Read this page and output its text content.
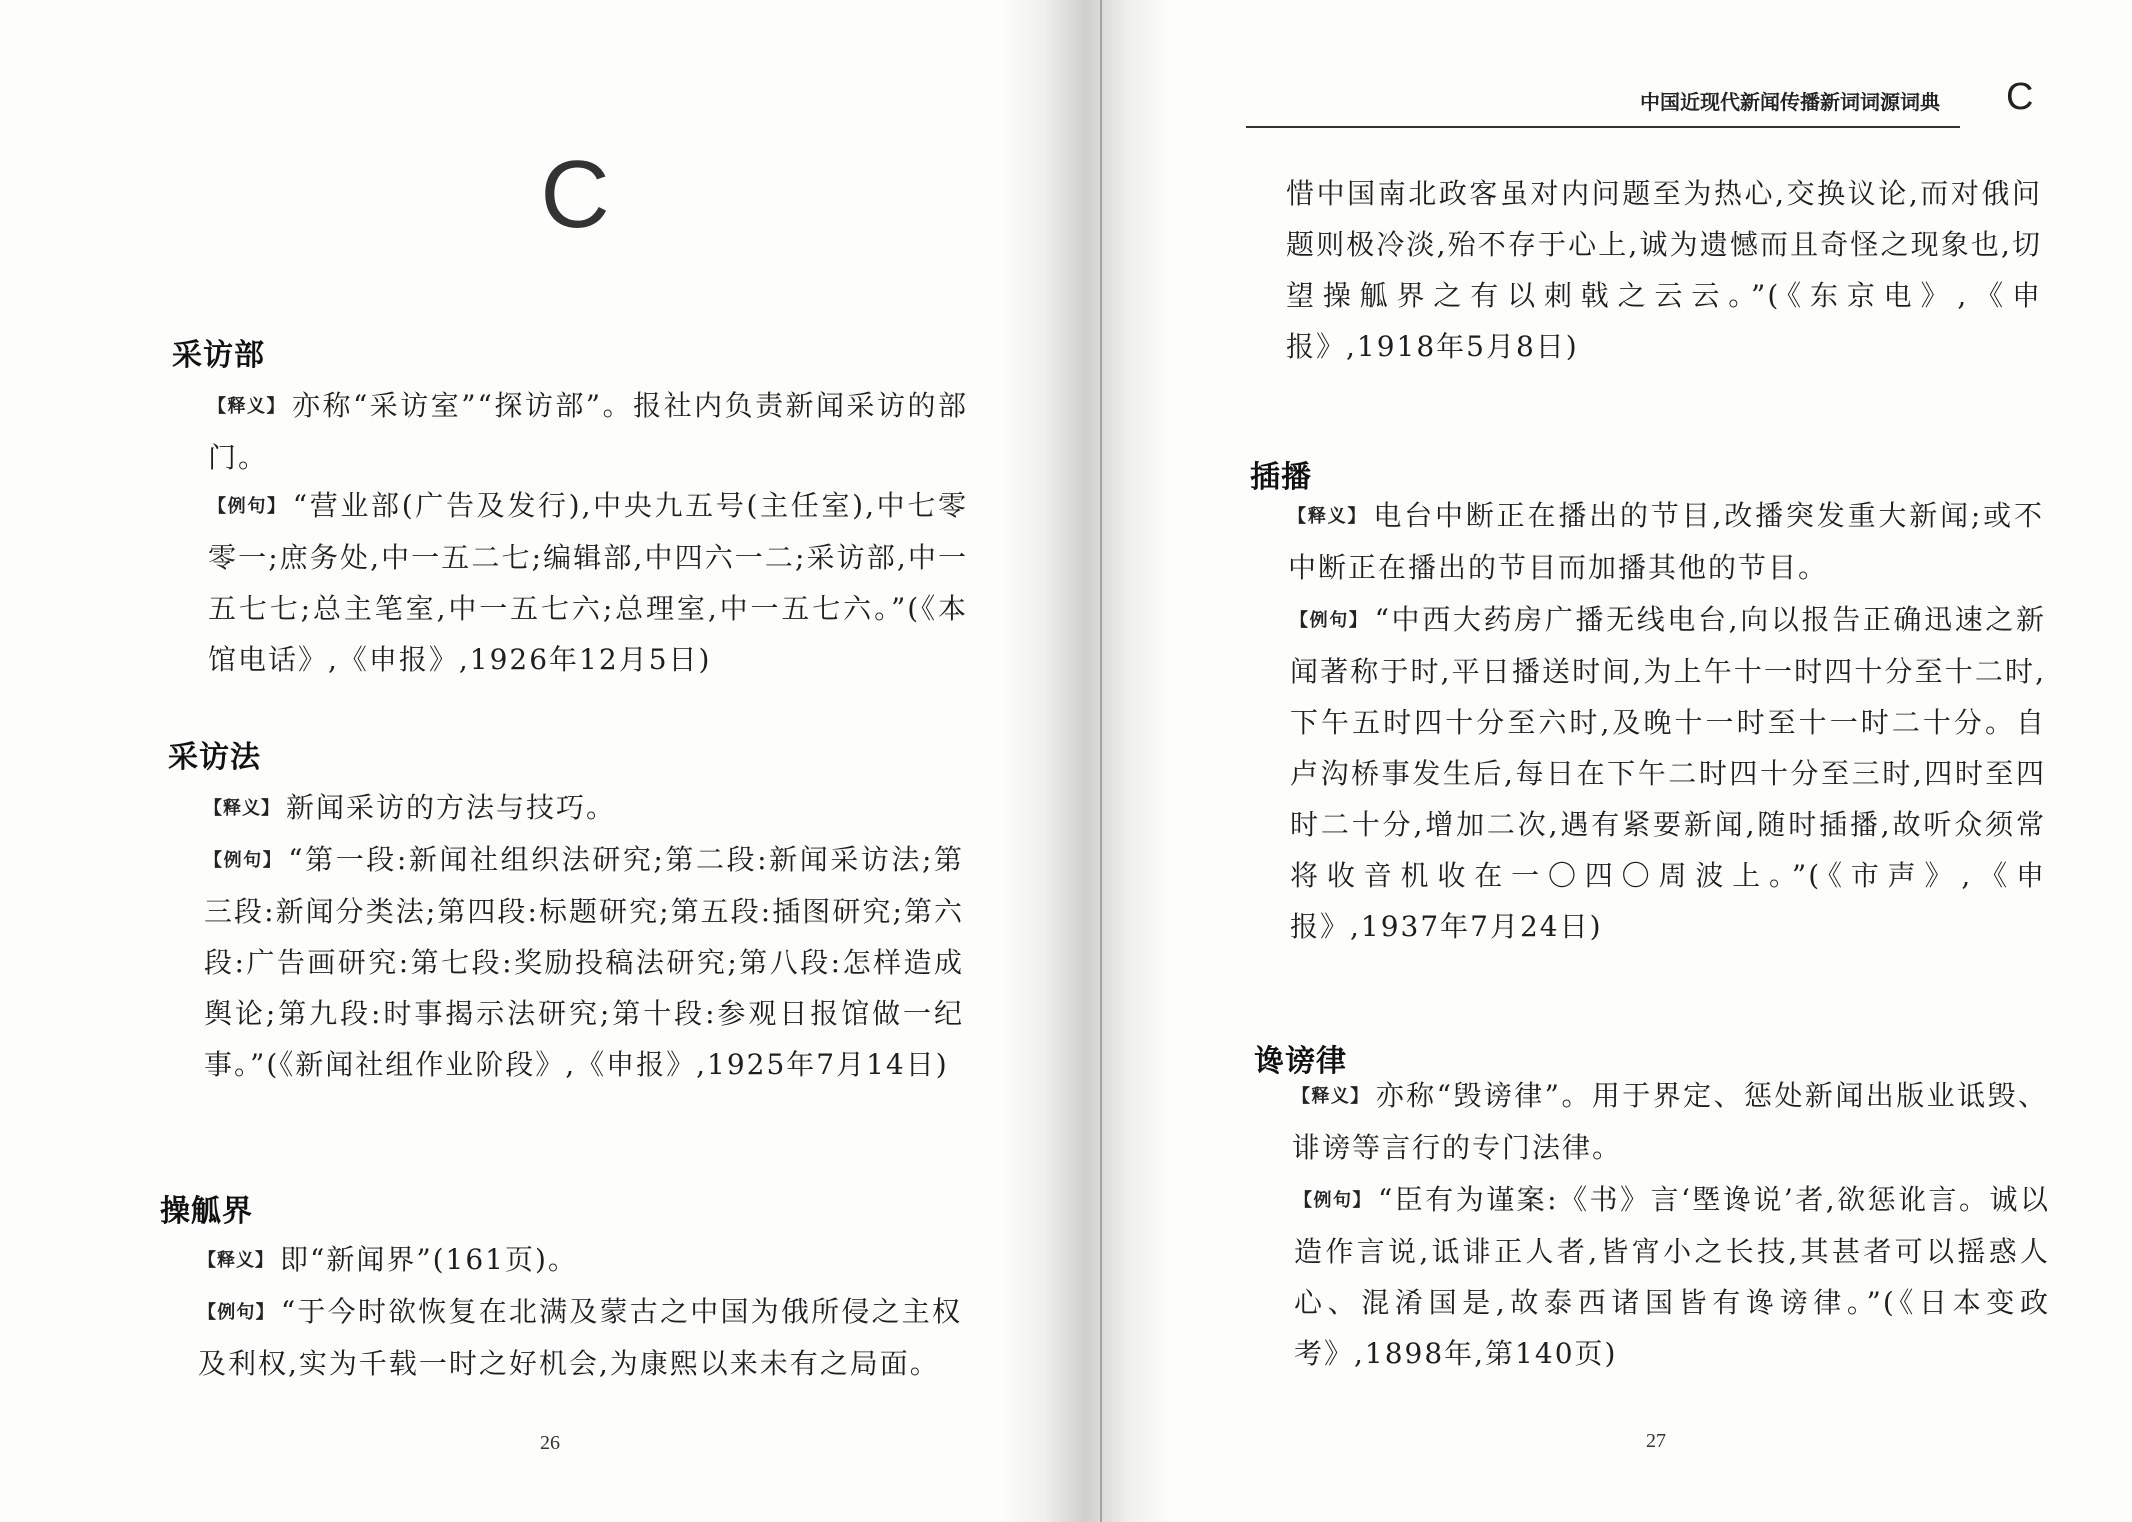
C
采访部
【释义】 亦称“采访室”“探访部”。报社内负责新闻采访的部门。
【例句】 “营业部(广告及发行),中央九五号(主任室),中七零零一;庶务处,中一五二七;编辑部,中四六一二;采访部,中一五七七;总主笔室,中一五七六;总理室,中一五七六。”(《本馆电话》,《申报》,1926年12月5日)
采访法
【释义】 新闻采访的方法与技巧。
【例句】 “第一段:新闻社组织法研究;第二段:新闻采访法;第三段:新闻分类法;第四段:标题研究;第五段:插图研究;第六段:广告画研究:第七段:奖励投稿法研究;第八段:怎样造成舆论;第九段:时事揭示法研究;第十段:参观日报馆做一纪事。”(《新闻社组作业阶段》,《申报》,1925年7月14日)
操觚界
【释义】 即“新闻界”(161页)。
【例句】 “于今时欲恢复在北满及蒙古之中国为俄所侵之主权及利权,实为千载一时之好机会,为康熙以来未有之局面。
26
中国近现代新闻传播新词词源词典 C
惜中国南北政客虽对内问题至为热心,交换议论,而对俄问题则极冷淡,殆不存于心上,诚为遗憾而且奇怪之现象也,切望操觚界之有以刺戟之云云。”(《东京电》,《申报》,1918年5月8日)
插播
【释义】 电台中断正在播出的节目,改播突发重大新闻;或不中断正在播出的节目而加播其他的节目。
【例句】 “中西大药房广播无线电台,向以报告正确迅速之新闻著称于时,平日播送时间,为上午十一时四十分至十二时,下午五时四十分至六时,及晚十一时至十一时二十分。自卢沟桥事发生后,每日在下午二时四十分至三时,四时至四时二十分,增加二次,遇有紧要新闻,随时插播,故听众须常将收音机收在一〇四〇周波上。”(《市声》,《申报》,1937年7月24日)
谗谤律
【释义】 亦称“毁谤律”。用于界定、惩处新闻出版业诋毁、诽谤等言行的专门法律。
【例句】 “臣有为谨案:《书》言‘塈谗说’者,欲惩讹言。诚以造作言说,诋诽正人者,皆宵小之长技,其甚者可以摇惑人心、混淆国是,故泰西诸国皆有谗谤律。”(《日本变政考》,1898年,第140页)
27
